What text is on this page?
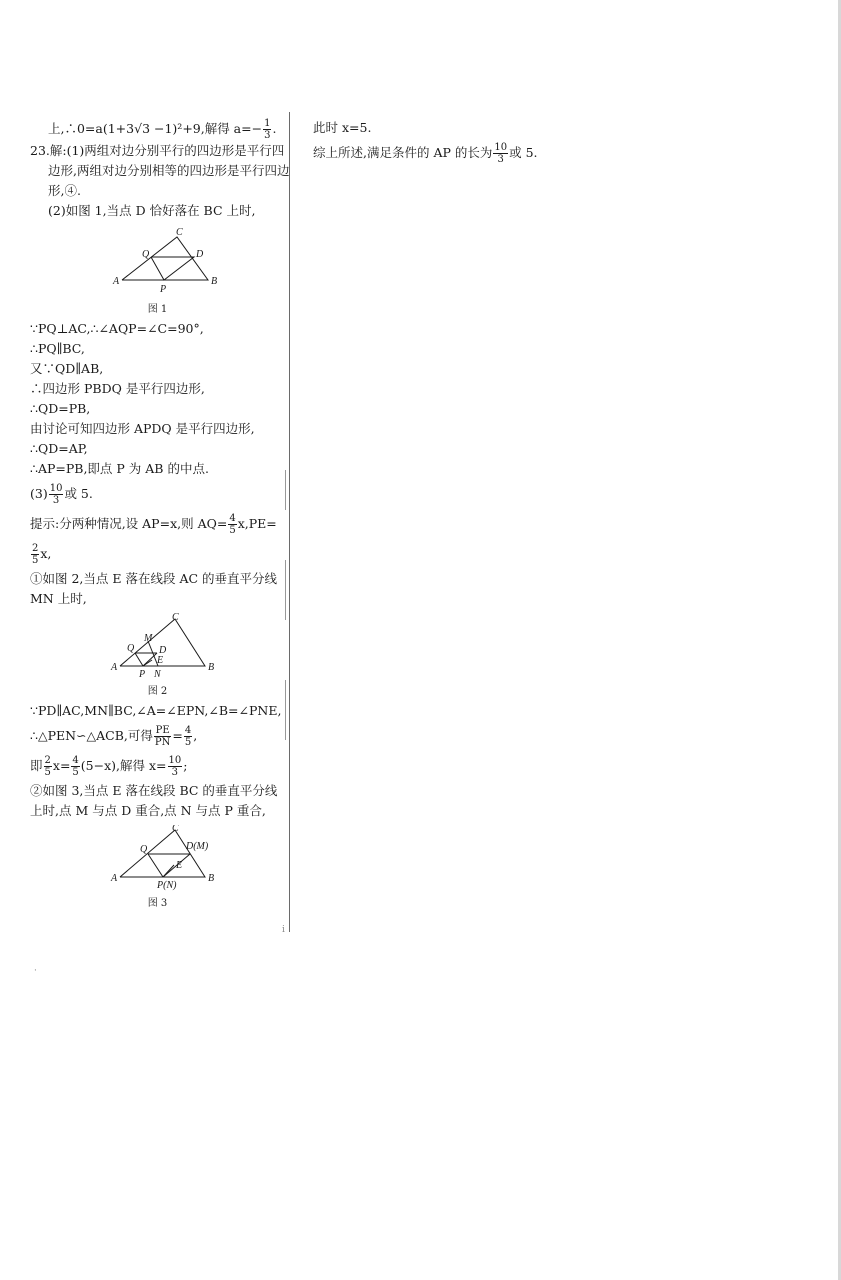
ⅰ
·
上,∴0=a(1+3√3 −1)²+9,解得 $a=- \frac{1}{3}$ .
23.解:(1)两组对边分别平行的四边形是平行四
边形,两组对边分别相等的四边形是平行四边
形,④.
(2)如图 1,当点 D 恰好落在 BC 上时,
C
Q	D
A
P
B
图 1
∵PQ⊥AC,∴∠AQP=∠C=90°,
∴PQ∥BC,
又∵QD∥AB,
∴四边形 PBDQ 是平行四边形,
∴QD=PB,
由讨论可知四边形 APDQ 是平行四边形,
∴QD=AP,
∴AP=PB,即点 P 为 AB 的中点.
$(3) \frac{10}{3}$ 或 5.
提示:分两种情况,设 AP=x,则 $AQ= \frac{4}{5} x,PE=$
$\frac{2}{5} x$,
①如图 2,当点 E 落在线段 AC 的垂直平分线
MN 上时,
C
M
Q D
E
A
P N
B
图 2
∵PD∥AC,MN∥BC,∠A=∠EPN,∠B=∠PNE,
∴△PEN∽△ACB,可得 $\frac{PE}{PN} = \frac{4}{5}$ ,
即 $\frac{2}{5} x= \frac{4}{5} (5-x)$,解得 $x= \frac{10}{3}$ ;
②如图 3,当点 E 落在线段 BC 的垂直平分线
上时,点 M 与点 D 重合,点 N 与点 P 重合,
C
Q	D(M)
E
A
P(N)
B
图 3
此时 x=5.
综上所述,满足条件的 AP 的长为 $\frac{10}{3}$ 或 5.
